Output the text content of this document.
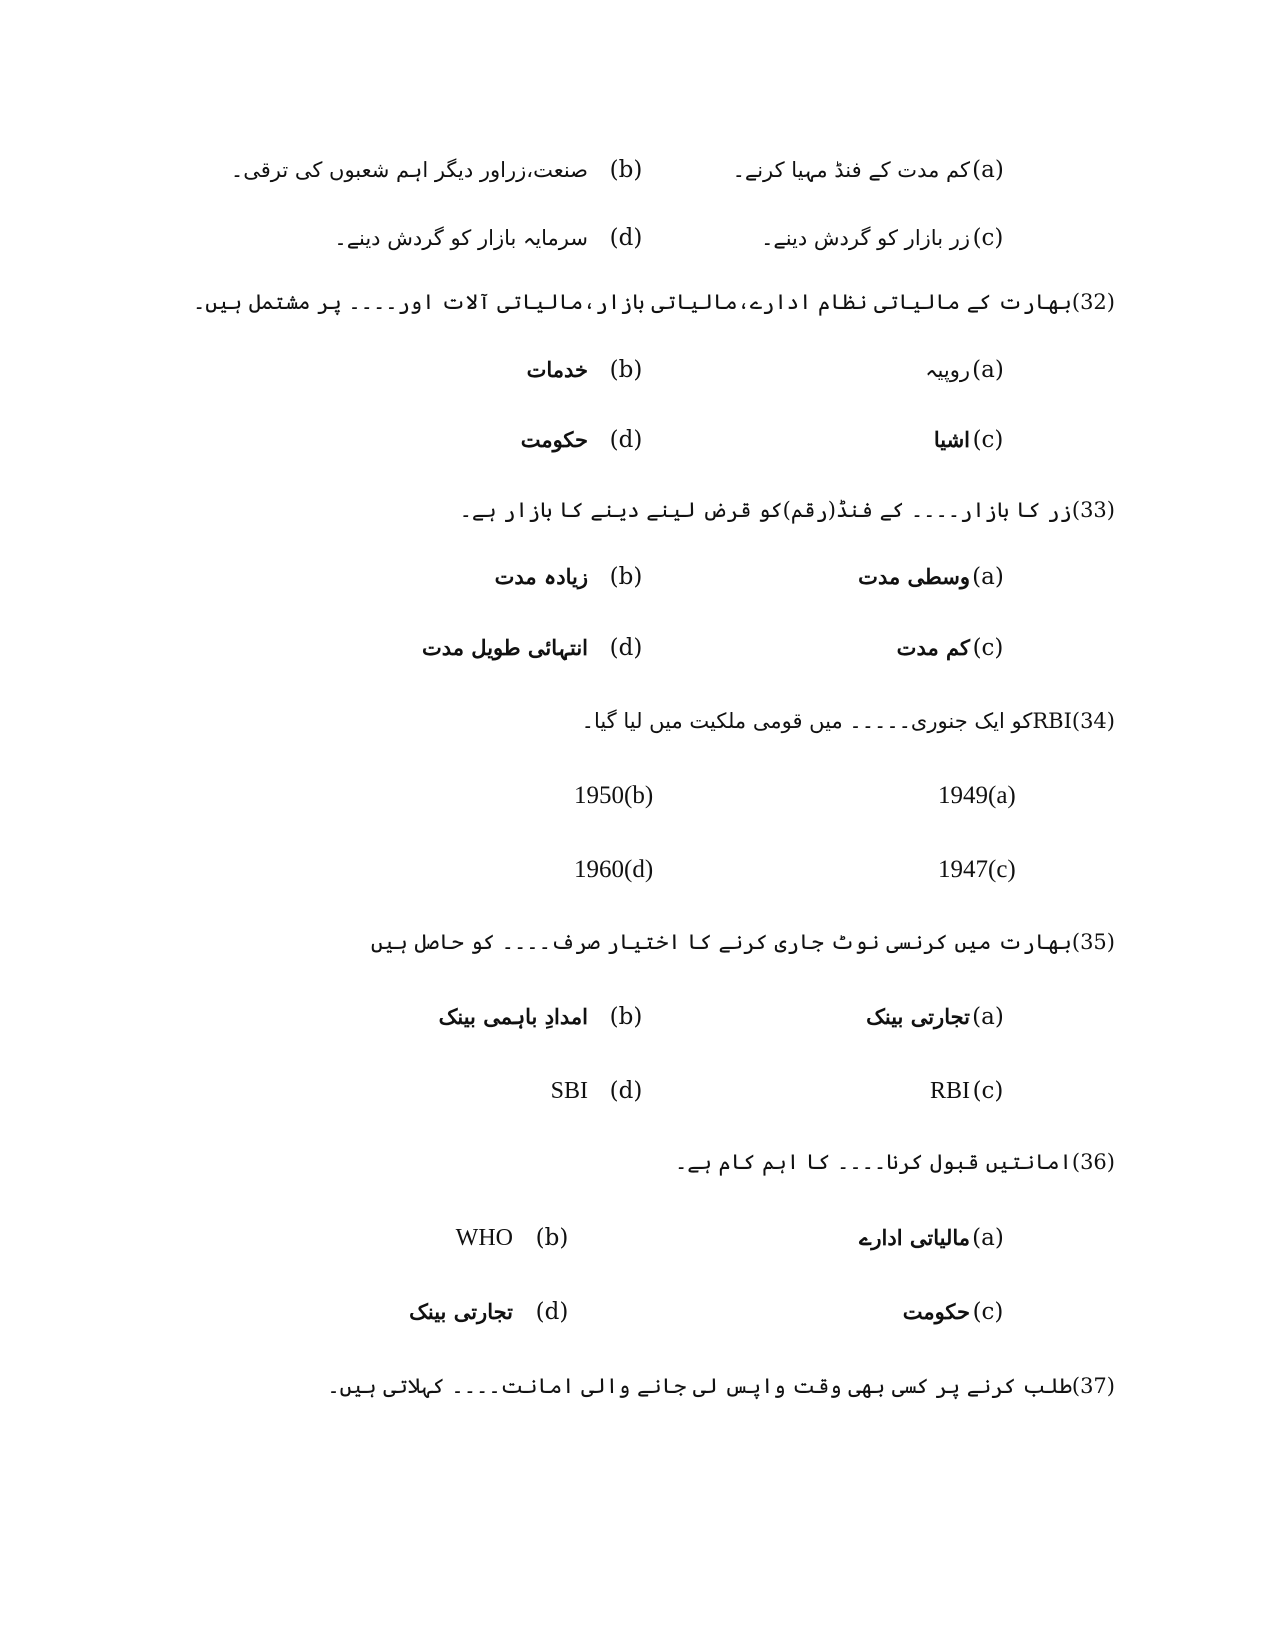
(a)
کم مدت کے فنڈ مہیا کرنے۔
(b)
صنعت،زراور دیگر اہم شعبوں کی ترقی۔
(c)
زر بازار کو گردش دینے۔
(d)
سرمایہ بازار کو گردش دینے۔
(32)بھارت کے مالیاتی نظام ادارے،مالیاتی بازار،مالیاتی آلات اور۔۔۔۔ پر مشتمل ہیں۔
(a)
روپیہ
(b)
خدمات
(c)
اشیا
(d)
حکومت
(33)زر کا بازار۔۔۔۔ کے فنڈ(رقم)کو قرض لینے دینے کا بازار ہے۔
(a)
وسطی مدت
(b)
زیادہ مدت
(c)
کم مدت
(d)
انتہائی طویل مدت
RBI(34)کو ایک جنوری۔۔۔۔۔ میں قومی ملکیت میں لیا گیا۔
1949(a)
1950(b)
1947(c)
1960(d)
(35)بھارت میں کرنسی نوٹ جاری کرنے کا اختیار صرف۔۔۔۔ کو حاصل ہیں
(a)
تجارتی بینک
(b)
امدادِ باہمی بینک
(c)
RBI
(d)
SBI
(36)امانتیں قبول کرنا۔۔۔۔ کا اہم کام ہے۔
(a)
مالیاتی ادارے
(b)
WHO
(c)
حکومت
(d)
تجارتی بینک
(37)طلب کرنے پر کسی بھی وقت واپس لی جانے والی امانت۔۔۔۔ کہلاتی ہیں۔
